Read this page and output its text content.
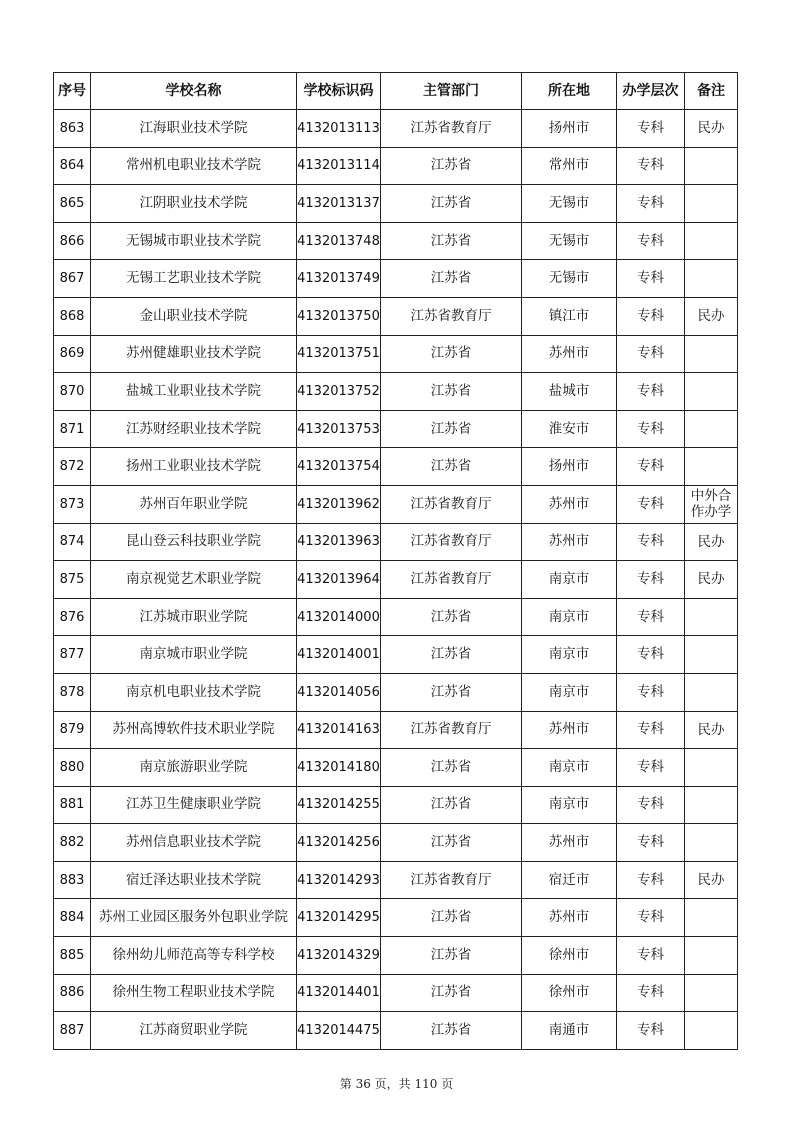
序号	学校名称	学校标识码	主管部门	所在地	办学层次	备注
863	江海职业技术学院	4132013113	江苏省教育厅	扬州市	专科	民办
864	常州机电职业技术学院	4132013114	江苏省	常州市	专科	
865	江阴职业技术学院	4132013137	江苏省	无锡市	专科	
866	无锡城市职业技术学院	4132013748	江苏省	无锡市	专科	
867	无锡工艺职业技术学院	4132013749	江苏省	无锡市	专科	
868	金山职业技术学院	4132013750	江苏省教育厅	镇江市	专科	民办
869	苏州健雄职业技术学院	4132013751	江苏省	苏州市	专科	
870	盐城工业职业技术学院	4132013752	江苏省	盐城市	专科	
871	江苏财经职业技术学院	4132013753	江苏省	淮安市	专科	
872	扬州工业职业技术学院	4132013754	江苏省	扬州市	专科	
873	苏州百年职业学院	4132013962	江苏省教育厅	苏州市	专科	中外合作办学
874	昆山登云科技职业学院	4132013963	江苏省教育厅	苏州市	专科	民办
875	南京视觉艺术职业学院	4132013964	江苏省教育厅	南京市	专科	民办
876	江苏城市职业学院	4132014000	江苏省	南京市	专科	
877	南京城市职业学院	4132014001	江苏省	南京市	专科	
878	南京机电职业技术学院	4132014056	江苏省	南京市	专科	
879	苏州高博软件技术职业学院	4132014163	江苏省教育厅	苏州市	专科	民办
880	南京旅游职业学院	4132014180	江苏省	南京市	专科	
881	江苏卫生健康职业学院	4132014255	江苏省	南京市	专科	
882	苏州信息职业技术学院	4132014256	江苏省	苏州市	专科	
883	宿迁泽达职业技术学院	4132014293	江苏省教育厅	宿迁市	专科	民办
884	苏州工业园区服务外包职业学院	4132014295	江苏省	苏州市	专科	
885	徐州幼儿师范高等专科学校	4132014329	江苏省	徐州市	专科	
886	徐州生物工程职业技术学院	4132014401	江苏省	徐州市	专科	
887	江苏商贸职业学院	4132014475	江苏省	南通市	专科	
第 36 页，共 110 页
